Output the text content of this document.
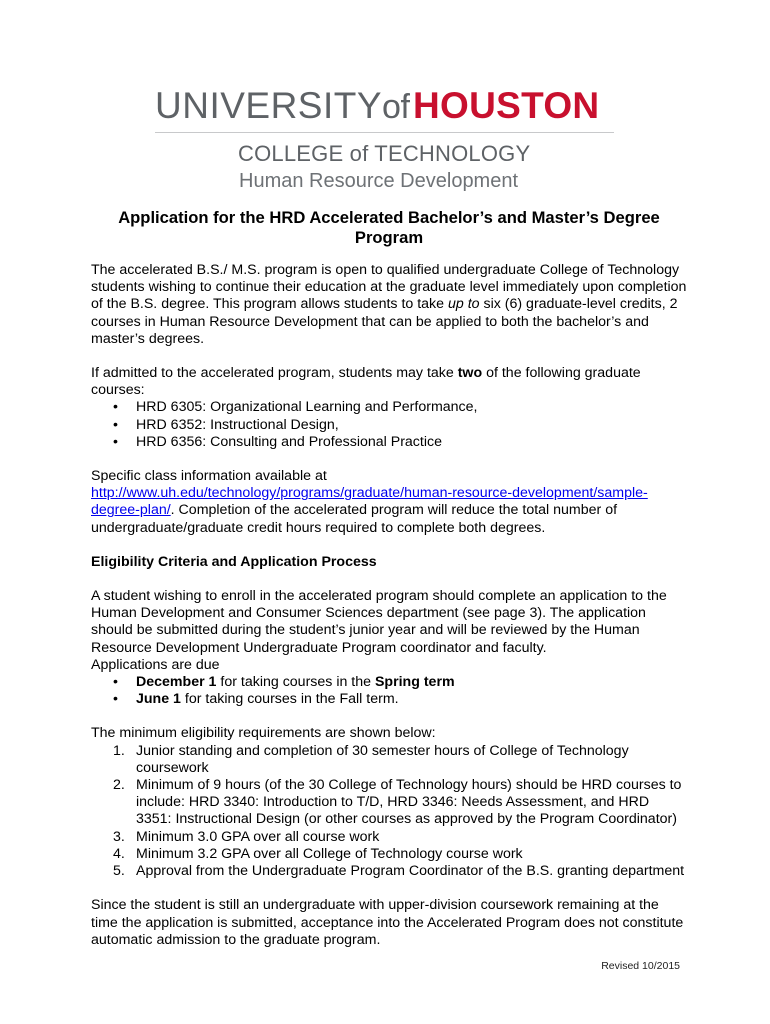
UNIVERSITYof HOUSTON
COLLEGE of TECHNOLOGY
Human Resource Development

Application for the HRD Accelerated Bachelor’s and Master’s Degree Program

The accelerated B.S./ M.S. program is open to qualified undergraduate College of Technology students wishing to continue their education at the graduate level immediately upon completion of the B.S. degree. This program allows students to take up to six (6) graduate-level credits, 2 courses in Human Resource Development that can be applied to both the bachelor’s and master’s degrees.

If admitted to the accelerated program, students may take two of the following graduate courses:

• HRD 6305: Organizational Learning and Performance,
• HRD 6352: Instructional Design,
• HRD 6356: Consulting and Professional Practice

Specific class information available at http://www.uh.edu/technology/programs/graduate/human-resource-development/sample-degree-plan/. Completion of the accelerated program will reduce the total number of undergraduate/graduate credit hours required to complete both degrees.

Eligibility Criteria and Application Process

A student wishing to enroll in the accelerated program should complete an application to the Human Development and Consumer Sciences department (see page 3). The application should be submitted during the student’s junior year and will be reviewed by the Human Resource Development Undergraduate Program coordinator and faculty.

Applications are due

• December 1 for taking courses in the Spring term
• June 1 for taking courses in the Fall term.

The minimum eligibility requirements are shown below:

1. Junior standing and completion of 30 semester hours of College of Technology coursework
2. Minimum of 9 hours (of the 30 College of Technology hours) should be HRD courses to include: HRD 3340: Introduction to T/D, HRD 3346: Needs Assessment, and HRD 3351: Instructional Design (or other courses as approved by the Program Coordinator)
3. Minimum 3.0 GPA over all course work
4. Minimum 3.2 GPA over all College of Technology course work
5. Approval from the Undergraduate Program Coordinator of the B.S. granting department

Since the student is still an undergraduate with upper-division coursework remaining at the time the application is submitted, acceptance into the Accelerated Program does not constitute automatic admission to the graduate program.

Revised 10/2015
